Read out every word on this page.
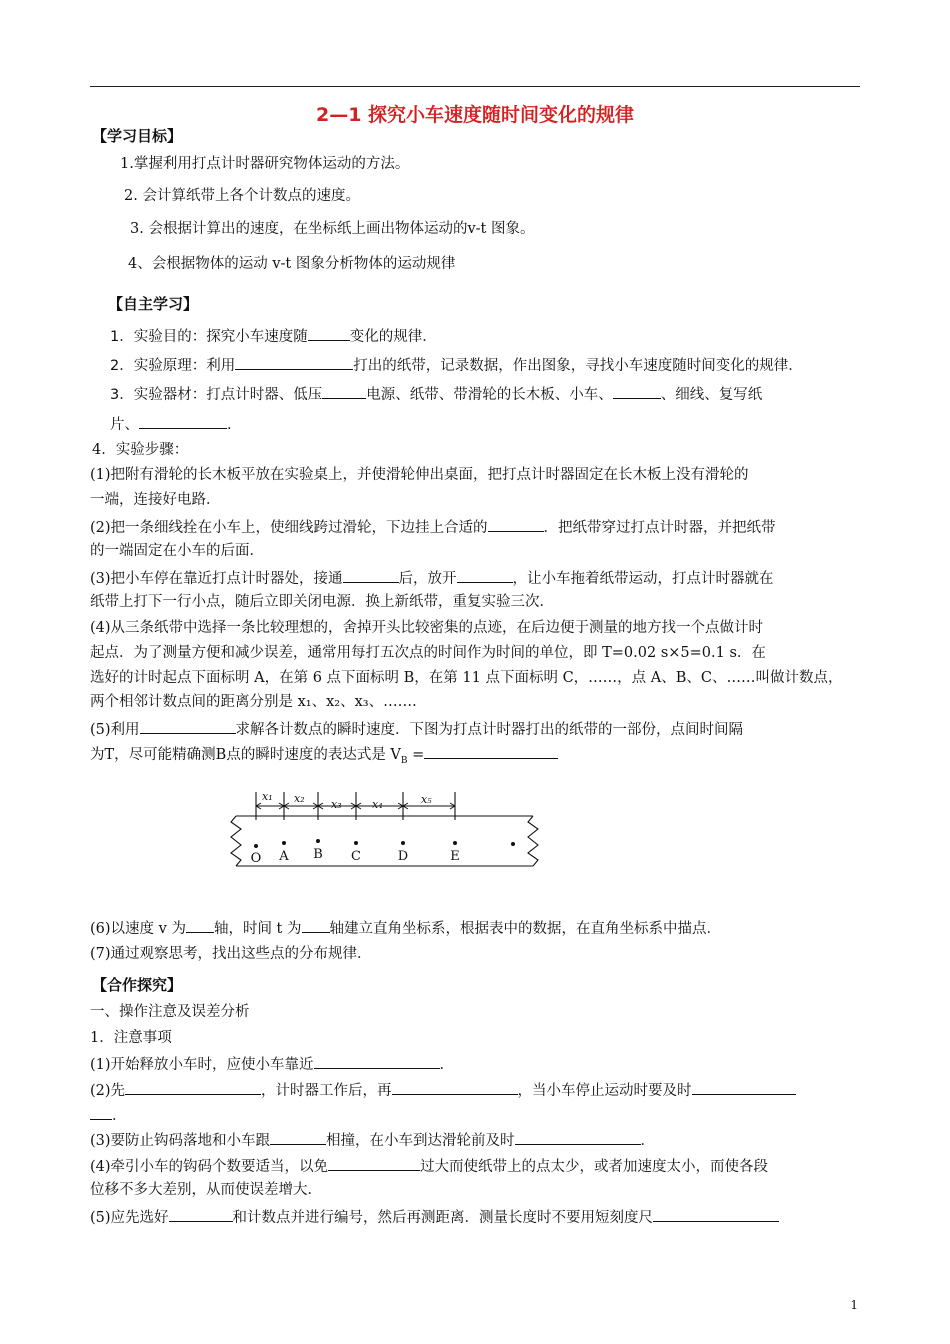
2—1 探究小车速度随时间变化的规律
【学习目标】
1.掌握利用打点计时器研究物体运动的方法。
2. 会计算纸带上各个计数点的速度。
3. 会根据计算出的速度，在坐标纸上画出物体运动的v-t 图象。
4、会根据物体的运动 v-t 图象分析物体的运动规律
【自主学习】
1．实验目的：探究小车速度随	变化的规律．
2．实验原理：利用	打出的纸带，记录数据，作出图象，寻找小车速度随时间变化的规律．
3．实验器材：打点计时器、低压	电源、纸带、带滑轮的长木板、小车、	、细线、复写纸
片、	.
4．实验步骤：
(1)把附有滑轮的长木板平放在实验桌上，并使滑轮伸出桌面，把打点计时器固定在长木板上没有滑轮的
一端，连接好电路．
(2)把一条细线拴在小车上，使细线跨过滑轮，下边挂上合适的	．把纸带穿过打点计时器，并把纸带
的一端固定在小车的后面．
(3)把小车停在靠近打点计时器处，接通	后，放开	，让小车拖着纸带运动，打点计时器就在
纸带上打下一行小点，随后立即关闭电源．换上新纸带，重复实验三次．
(4)从三条纸带中选择一条比较理想的，舍掉开头比较密集的点迹，在后边便于测量的地方找一个点做计时
起点．为了测量方便和减少误差，通常用每打五次点的时间作为时间的单位，即 T=0.02 s×5=0.1 s．在
选好的计时起点下面标明 A，在第 6 点下面标明 B，在第 11 点下面标明 C，……，点 A、B、C、……叫做计数点，
两个相邻计数点间的距离分别是 x₁、x₂、x₃、…….
(5)利用	求解各计数点的瞬时速度．下图为打点计时器打出的纸带的一部份，点间时间隔
为T，尽可能精确测B点的瞬时速度的表达式是 $V_B$ =
x₁ x₂ x₃	x₄	x₅
O A B C	D	E
(6)以速度 v 为 轴，时间 t 为 轴建立直角坐标系，根据表中的数据，在直角坐标系中描点．
(7)通过观察思考，找出这些点的分布规律．
【合作探究】
一、操作注意及误差分析
1．注意事项
(1)开始释放小车时，应使小车靠近	．
(2)先	，计时器工作后，再	，当小车停止运动时要及时
．
(3)要防止钩码落地和小车跟	相撞，在小车到达滑轮前及时	．
(4)牵引小车的钩码个数要适当，以免	过大而使纸带上的点太少，或者加速度太小，而使各段
位移不多大差别，从而使误差增大．
(5)应先选好	和计数点并进行编号，然后再测距离．测量长度时不要用短刻度尺
1
